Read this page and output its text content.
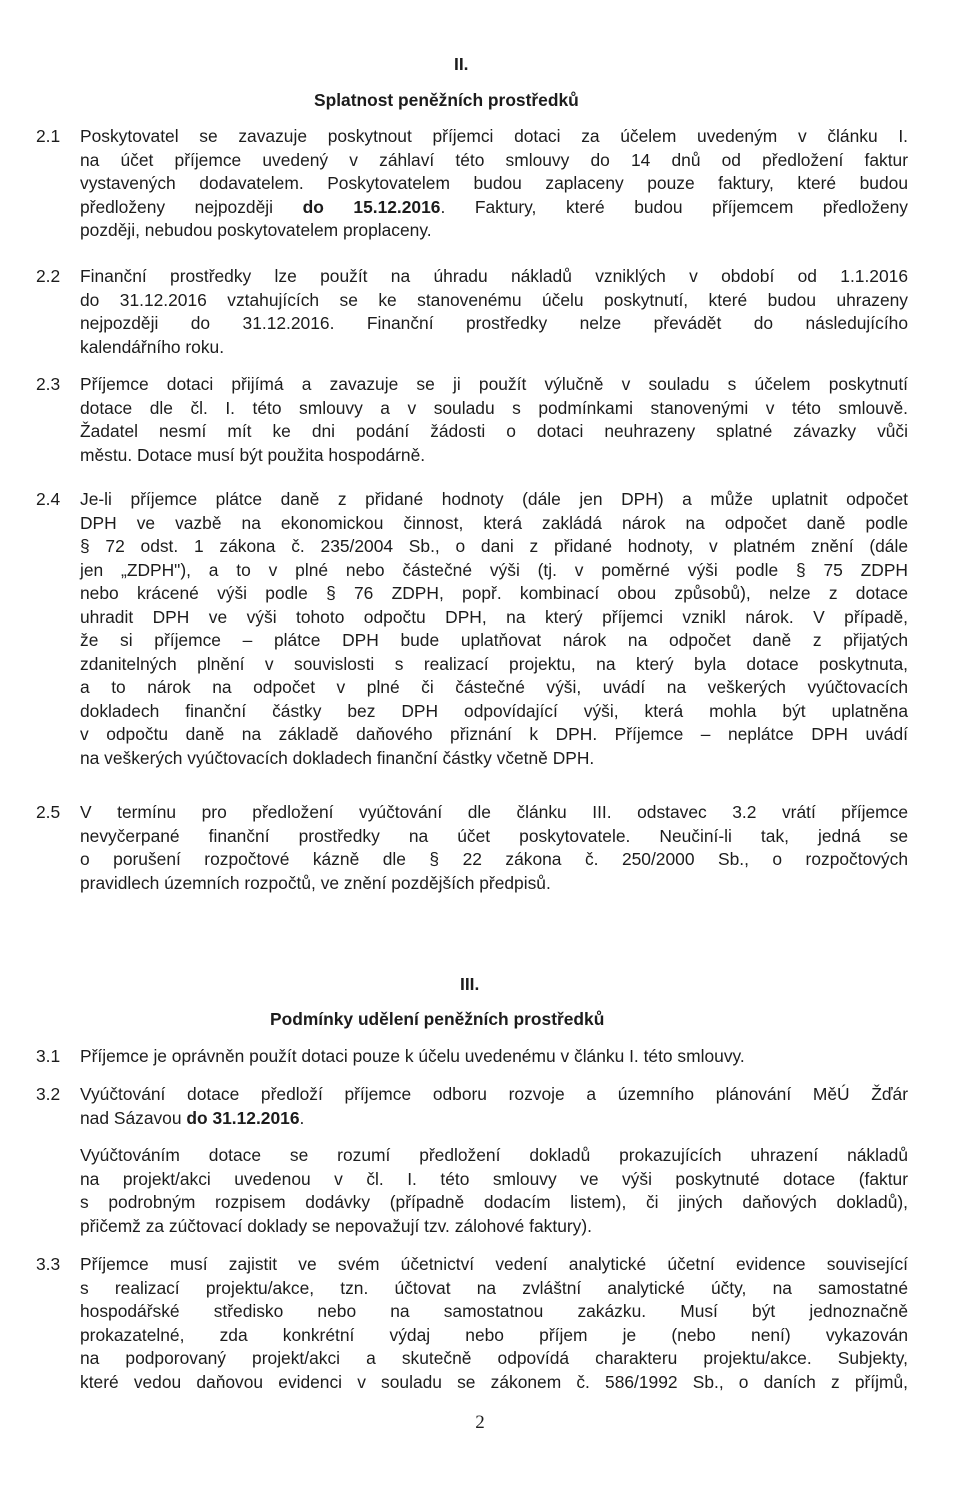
II.
Splatnost peněžních prostředků
2.1 Poskytovatel se zavazuje poskytnout příjemci dotaci za účelem uvedeným v článku I.
na účet příjemce uvedený v záhlaví této smlouvy do 14 dnů od předložení faktur
vystavených dodavatelem. Poskytovatelem budou zaplaceny pouze faktury, které budou
předloženy nejpozději do 15.12.2016. Faktury, které budou příjemcem předloženy
později, nebudou poskytovatelem proplaceny.
2.2 Finanční prostředky lze použít na úhradu nákladů vzniklých v období od 1.1.2016
do 31.12.2016 vztahujících se ke stanovenému účelu poskytnutí, které budou uhrazeny
nejpozději do 31.12.2016. Finanční prostředky nelze převádět do následujícího
kalendářního roku.
2.3 Příjemce dotaci přijímá a zavazuje se ji použít výlučně v souladu s účelem poskytnutí
dotace dle čl. I. této smlouvy a v souladu s podmínkami stanovenými v této smlouvě.
Žadatel nesmí mít ke dni podání žádosti o dotaci neuhrazeny splatné závazky vůči
městu. Dotace musí být použita hospodárně.
2.4 Je-li příjemce plátce daně z přidané hodnoty (dále jen DPH) a může uplatnit odpočet
DPH ve vazbě na ekonomickou činnost, která zakládá nárok na odpočet daně podle
§ 72 odst. 1 zákona č. 235/2004 Sb., o dani z přidané hodnoty, v platném znění (dále
jen „ZDPH"), a to v plné nebo částečné výši (tj. v poměrné výši podle § 75 ZDPH
nebo krácené výši podle § 76 ZDPH, popř. kombinací obou způsobů), nelze z dotace
uhradit DPH ve výši tohoto odpočtu DPH, na který příjemci vznikl nárok. V případě,
že si příjemce – plátce DPH bude uplatňovat nárok na odpočet daně z přijatých
zdanitelných plnění v souvislosti s realizací projektu, na který byla dotace poskytnuta,
a to nárok na odpočet v plné či částečné výši, uvádí na veškerých vyúčtovacích
dokladech finanční částky bez DPH odpovídající výši, která mohla být uplatněna
v odpočtu daně na základě daňového přiznání k DPH. Příjemce – neplátce DPH uvádí
na veškerých vyúčtovacích dokladech finanční částky včetně DPH.
2.5 V termínu pro předložení vyúčtování dle článku III. odstavec 3.2 vrátí příjemce
nevyčerpané finanční prostředky na účet poskytovatele. Neučiní-li tak, jedná se
o porušení rozpočtové kázně dle § 22 zákona č. 250/2000 Sb., o rozpočtových
pravidlech územních rozpočtů, ve znění pozdějších předpisů.
III.
Podmínky udělení peněžních prostředků
3.1 Příjemce je oprávněn použít dotaci pouze k účelu uvedenému v článku I. této smlouvy.
3.2 Vyúčtování dotace předloží příjemce odboru rozvoje a územního plánování MěÚ Žďár
nad Sázavou do 31.12.2016.
Vyúčtováním dotace se rozumí předložení dokladů prokazujících uhrazení nákladů
na projekt/akci uvedenou v čl. I. této smlouvy ve výši poskytnuté dotace (faktur
s podrobným rozpisem dodávky (případně dodacím listem), či jiných daňových dokladů),
přičemž za zúčtovací doklady se nepovažují tzv. zálohové faktury).
3.3 Příjemce musí zajistit ve svém účetnictví vedení analytické účetní evidence související
s realizací projektu/akce, tzn. účtovat na zvláštní analytické účty, na samostatné
hospodářské středisko nebo na samostatnou zakázku. Musí být jednoznačně
prokazatelné, zda konkrétní výdaj nebo příjem je (nebo není) vykazován
na podporovaný projekt/akci a skutečně odpovídá charakteru projektu/akce. Subjekty,
které vedou daňovou evidenci v souladu se zákonem č. 586/1992 Sb., o daních z příjmů,
2
